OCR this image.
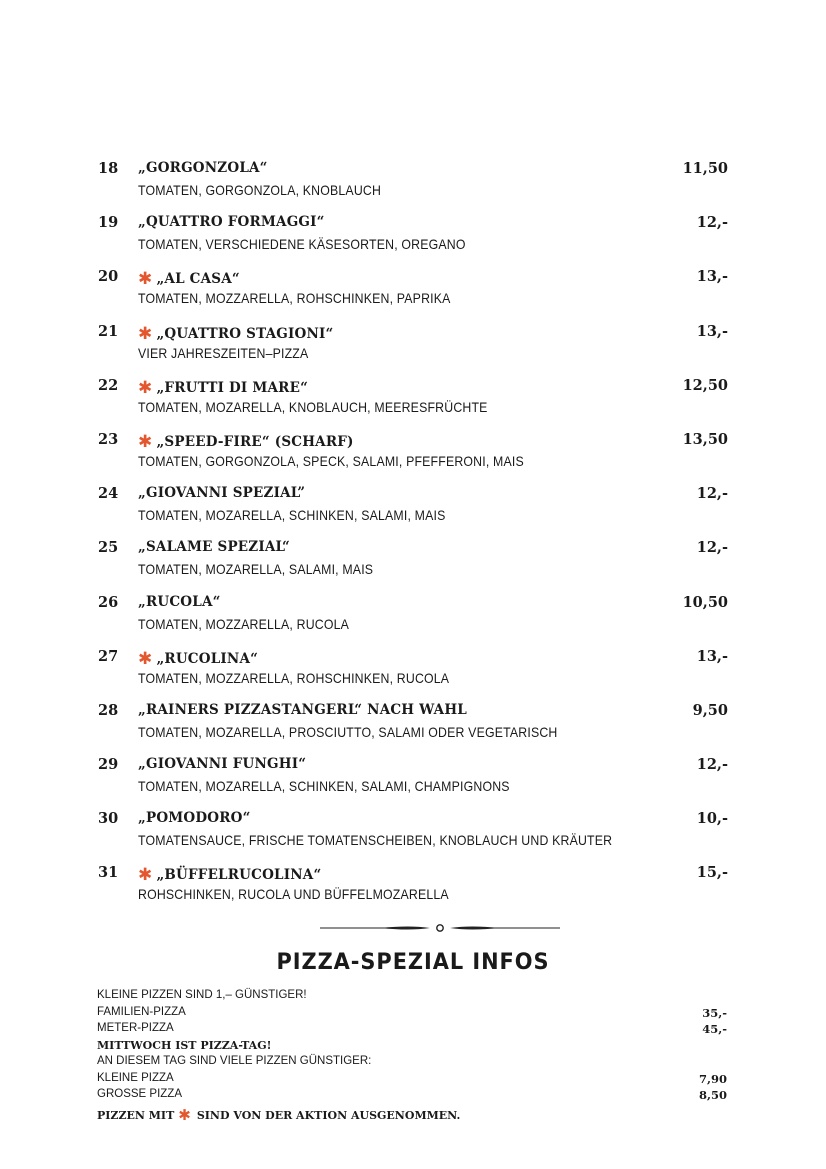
18 „GORGONZOLA“	11,50
TOMATEN, GORGONZOLA, KNOBLAUCH
19 „QUATTRO FORMAGGI“	12,-
TOMATEN, VERSCHIEDENE KÄSESORTEN, OREGANO
20 ✱ „AL CASA“	13,-
TOMATEN, MOZZARELLA, ROHSCHINKEN, PAPRIKA
21 ✱ „QUATTRO STAGIONI“	13,-
VIER JAHRESZEITEN–PIZZA
22 ✱ „FRUTTI DI MARE“	12,50
TOMATEN, MOZARELLA, KNOBLAUCH, MEERESFRÜCHTE
23 ✱ „SPEED-FIRE“ (SCHARF)	13,50
TOMATEN, GORGONZOLA, SPECK, SALAMI, PFEFFERONI, MAIS
24 „GIOVANNI SPEZIAL”	12,-
TOMATEN, MOZARELLA, SCHINKEN, SALAMI, MAIS
25 „SALAME SPEZIAL“	12,-
TOMATEN, MOZARELLA, SALAMI, MAIS
26 „RUCOLA“	10,50
TOMATEN, MOZZARELLA, RUCOLA
27 ✱ „RUCOLINA“	13,-
TOMATEN, MOZZARELLA, ROHSCHINKEN, RUCOLA
28 „RAINERS PIZZASTANGERL“ NACH WAHL	9,50
TOMATEN, MOZARELLA, PROSCIUTTO, SALAMI ODER VEGETARISCH
29 „GIOVANNI FUNGHI“	12,-
TOMATEN, MOZARELLA, SCHINKEN, SALAMI, CHAMPIGNONS
30 „POMODORO“	10,-
TOMATENSAUCE, FRISCHE TOMATENSCHEIBEN, KNOBLAUCH UND KRÄUTER
31 ✱ „BÜFFELRUCOLINA“	15,-
ROHSCHINKEN, RUCOLA UND BÜFFELMOZARELLA
PIZZA-SPEZIAL INFOS
KLEINE PIZZEN SIND 1,– GÜNSTIGER!
FAMILIEN-PIZZA	35,-
METER-PIZZA	45,-
MITTWOCH IST PIZZA-TAG!
AN DIESEM TAG SIND VIELE PIZZEN GÜNSTIGER:
KLEINE PIZZA	7,90
GROSSE PIZZA	8,50
PIZZEN MIT ✱ SIND VON DER AKTION AUSGENOMMEN.
